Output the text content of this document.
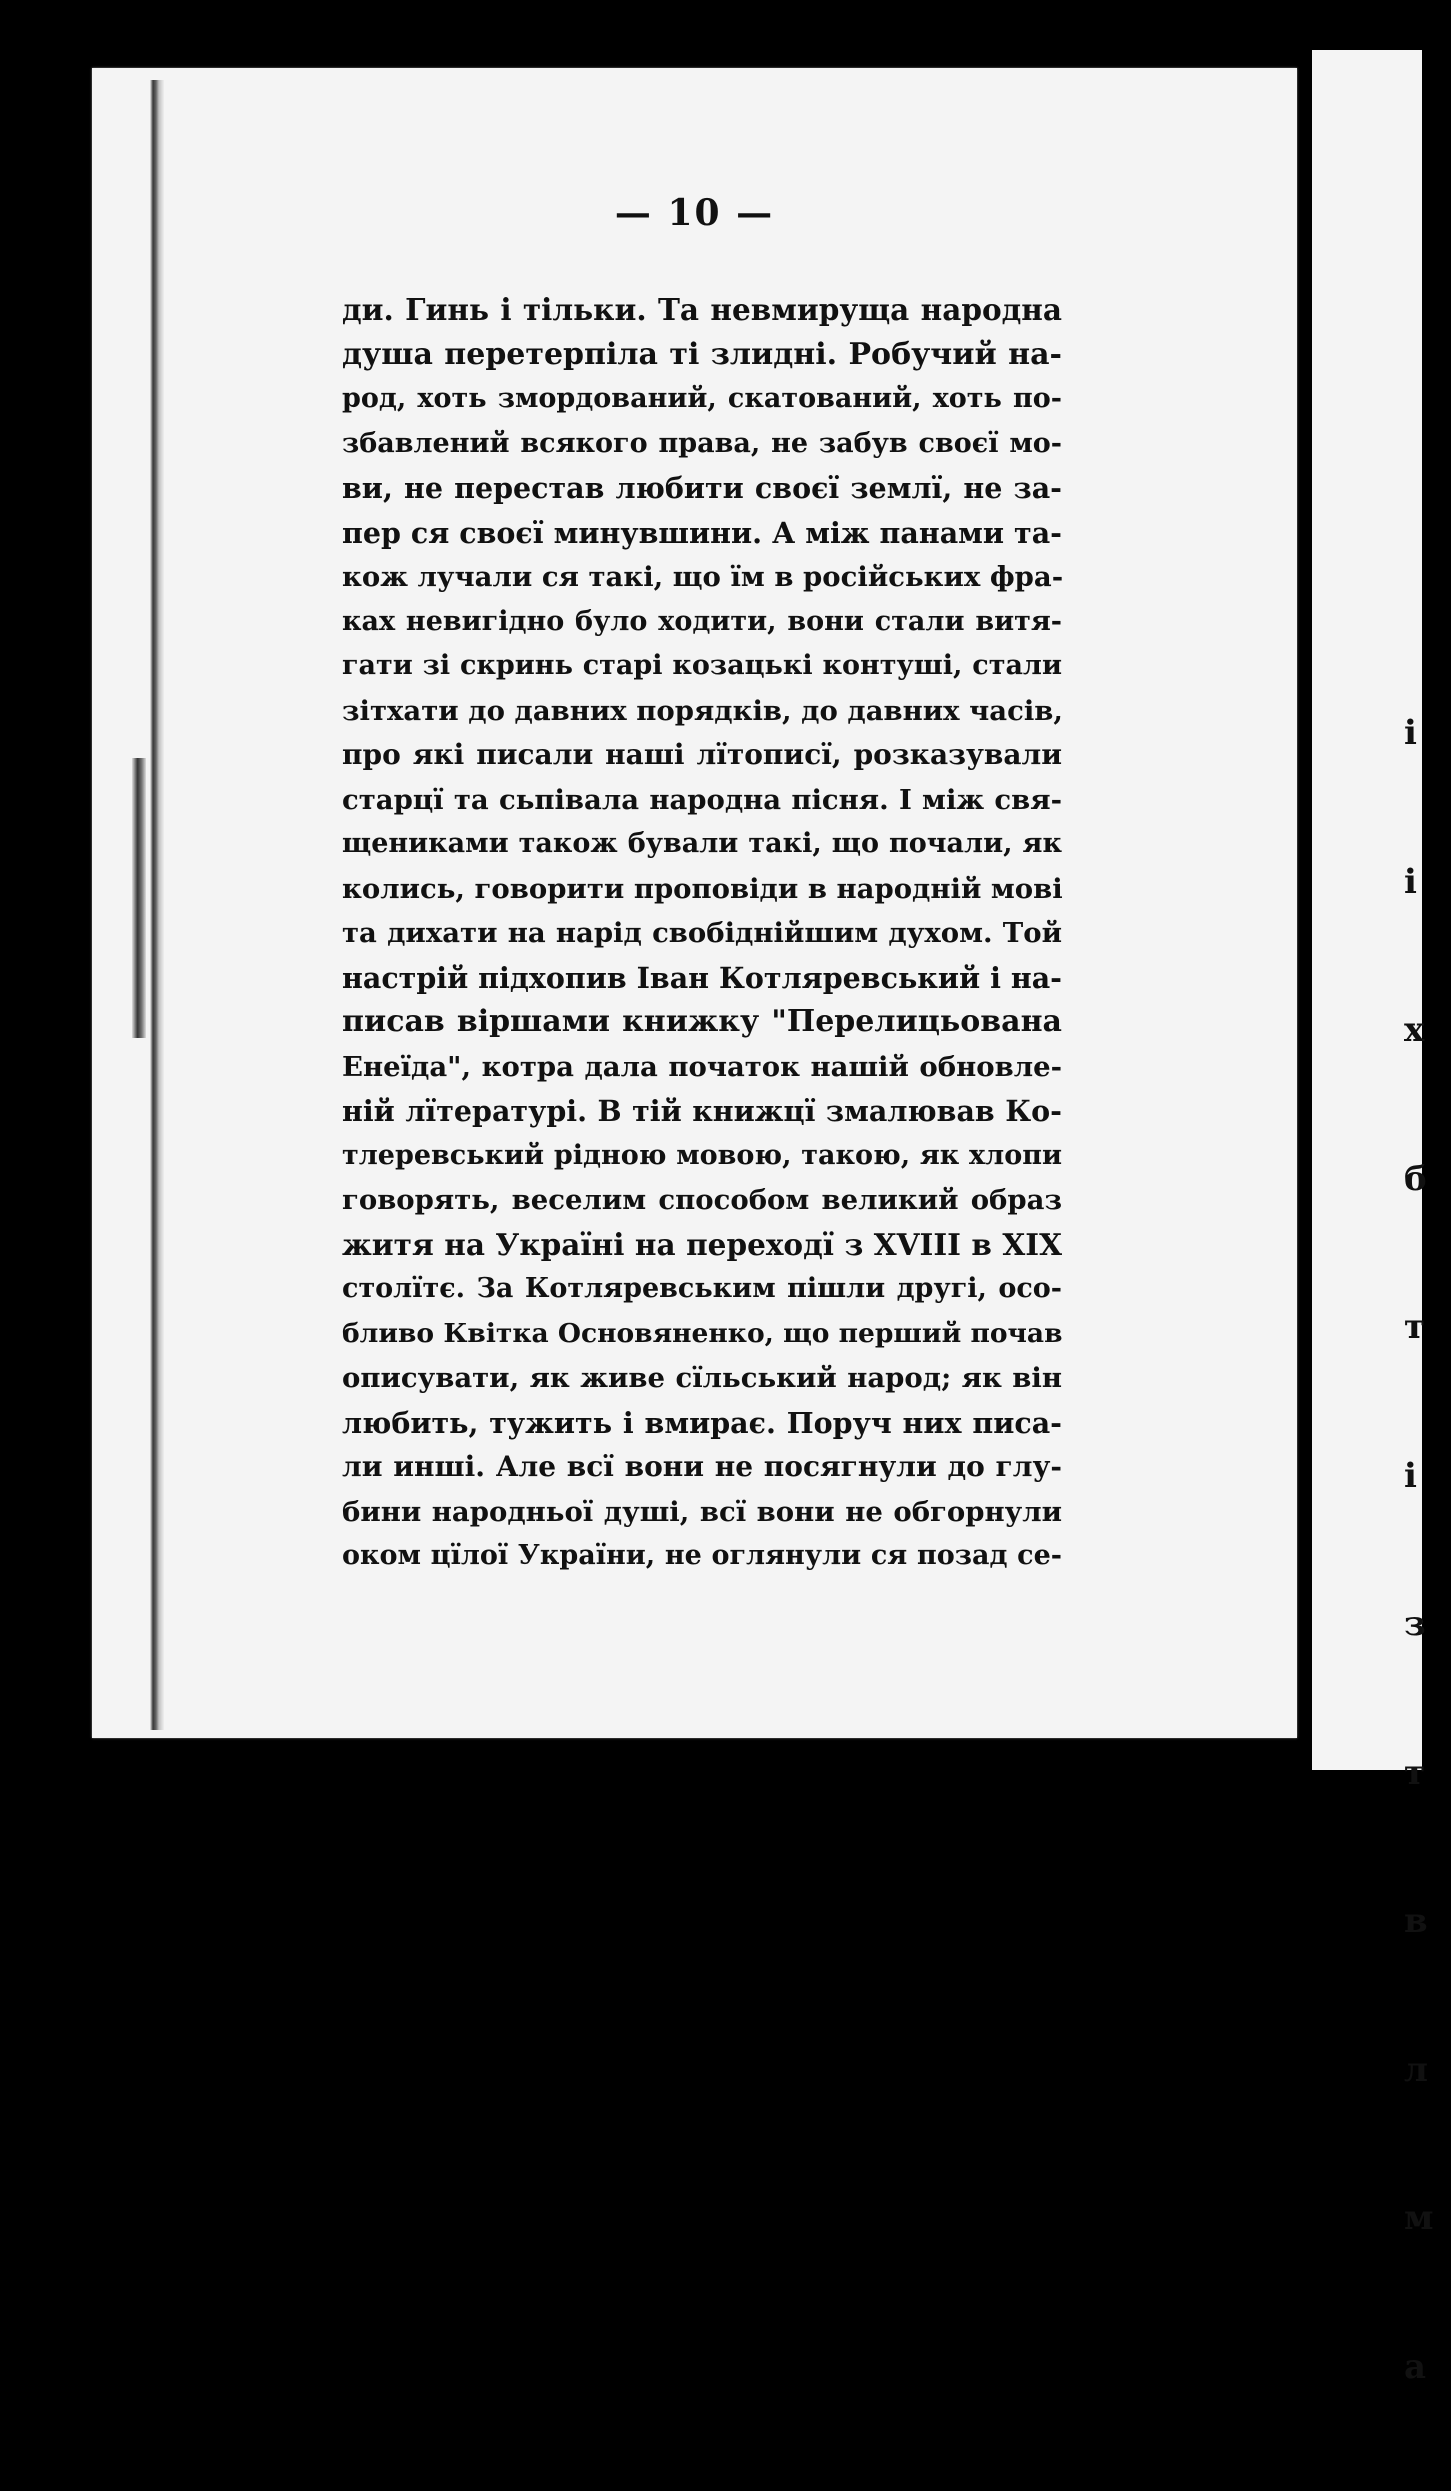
— 10 —
ди. Гинь і тільки. Та невмируща народна
душа перетерпіла ті злидні. Робучий на-
род, хоть змордований, скатований, хоть по-
збавлений всякого права, не забув своєї мо-
ви, не перестав любити своєї землї, не за-
пер ся своєї минувшини. А між панами та-
кож лучали ся такі, що їм в російських фра-
ках невигідно було ходити, вони стали витя-
гати зі скринь старі козацькі контуші, стали
зітхати до давних порядків, до давних часів,
про які писали наші лїтописї, розказували
старцї та сьпівала народна пісня. І між свя-
щениками також бували такі, що почали, як
колись, говорити проповіди в народній мові
та дихати на нарід свобіднійшим духом. Той
настрій підхопив Іван Котляревський і на-
писав віршами книжку "Перелицьована
Енеїда", котра дала початок нашій обновле-
ній лїтературі. В тій книжцї змалював Ко-
тлеревський рідною мовою, такою, як хлопи
говорять, веселим способом великий образ
житя на Україні на переходї з XVIII в XIX
столїтє. За Котляревським пішли другі, осо-
бливо Квітка Основяненко, що перший почав
описувати, як живе сїльський народ; як він
любить, тужить і вмирає. Поруч них писа-
ли инші. Але всї вони не посягнули до глу-
бини народньої душі, всї вони не обгорнули
оком цїлої України, не оглянули ся позад се-

і

і

х

б

т

і

з

т

в

л

м

а
